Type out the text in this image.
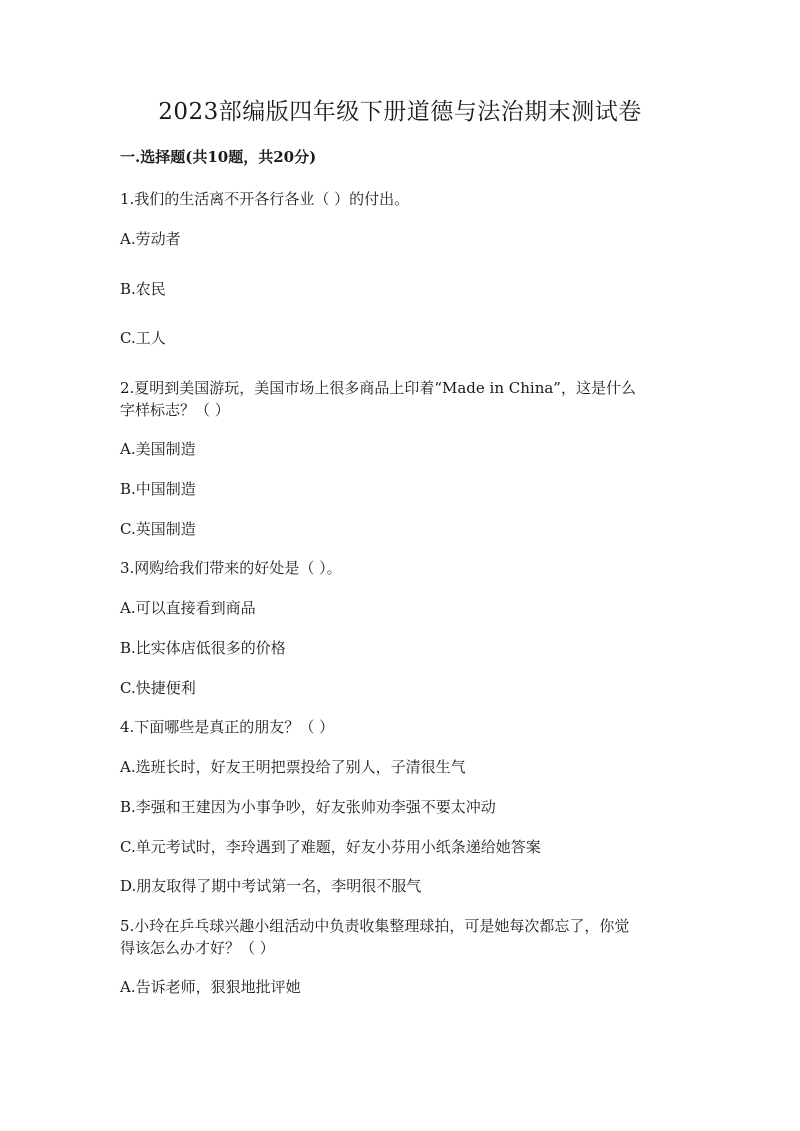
2023部编版四年级下册道德与法治期末测试卷
一.选择题(共10题，共20分)
1.我们的生活离不开各行各业（ ）的付出。
A.劳动者
B.农民
C.工人
2.夏明到美国游玩，美国市场上很多商品上印着“Made in China”，这是什么
字样标志？（ ）
A.美国制造
B.中国制造
C.英国制造
3.网购给我们带来的好处是（ ）。
A.可以直接看到商品
B.比实体店低很多的价格
C.快捷便利
4.下面哪些是真正的朋友？（ ）
A.选班长时，好友王明把票投给了别人，子清很生气
B.李强和王建因为小事争吵，好友张帅劝李强不要太冲动
C.单元考试时，李玲遇到了难题，好友小芬用小纸条递给她答案
D.朋友取得了期中考试第一名，李明很不服气
5.小玲在乒乓球兴趣小组活动中负责收集整理球拍，可是她每次都忘了，你觉
得该怎么办才好？（ ）
A.告诉老师，狠狠地批评她
